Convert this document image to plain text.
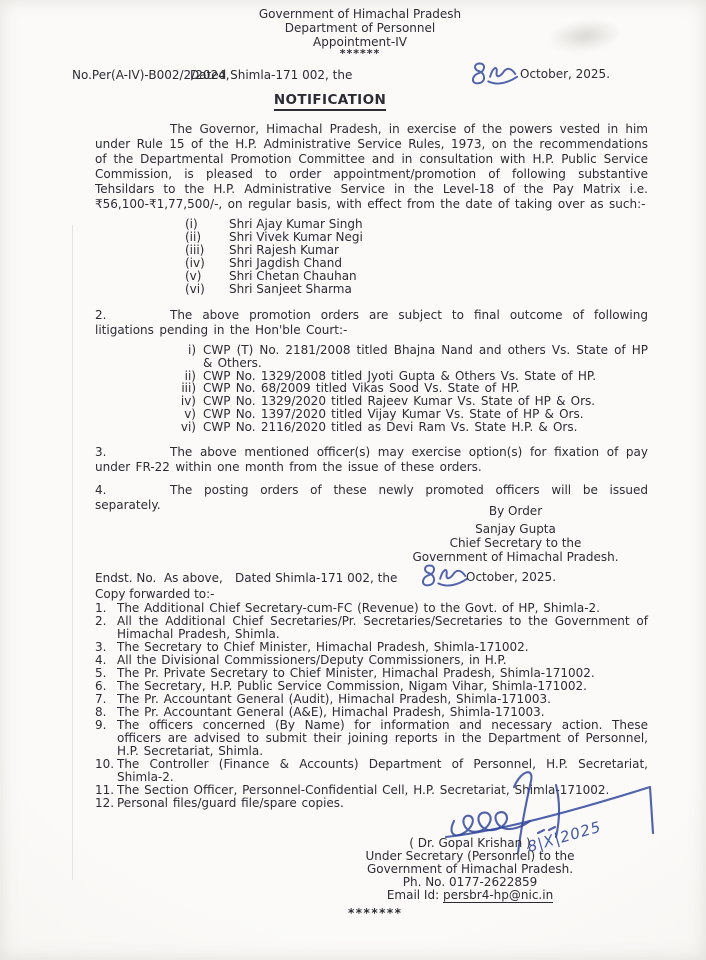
Government of Himachal Pradesh
Department of Personnel
Appointment-IV
******
No.Per(A-IV)-B002/2/2024,
Dated Shimla-171 002, the	October, 2025.
NOTIFICATION

The Governor, Himachal Pradesh, in exercise of the powers vested in him under Rule 15 of the H.P. Administrative Service Rules, 1973, on the recommendations of the Departmental Promotion Committee and in consultation with H.P. Public Service Commission, is pleased to order appointment/promotion of following substantive Tehsildars to the H.P. Administrative Service in the Level-18 of the Pay Matrix i.e. ₹56,100-₹1,77,500/-, on regular basis, with effect from the date of taking over as such:-

(i)	Shri Ajay Kumar Singh
(ii)	Shri Vivek Kumar Negi
(iii)	Shri Rajesh Kumar
(iv)	Shri Jagdish Chand
(v)	Shri Chetan Chauhan
(vi)	Shri Sanjeet Sharma

2.	The above promotion orders are subject to final outcome of following litigations pending in the Hon'ble Court:-

i) CWP (T) No. 2181/2008 titled Bhajna Nand and others Vs. State of HP & Others.
ii) CWP No. 1329/2008 titled Jyoti Gupta & Others Vs. State of HP.
iii) CWP No. 68/2009 titled Vikas Sood Vs. State of HP.
iv) CWP No. 1329/2020 titled Rajeev Kumar Vs. State of HP & Ors.
v) CWP No. 1397/2020 titled Vijay Kumar Vs. State of HP & Ors.
vi) CWP No. 2116/2020 titled as Devi Ram Vs. State H.P. & Ors.

3.	The above mentioned officer(s) may exercise option(s) for fixation of pay under FR-22 within one month from the issue of these orders.

4.	The posting orders of these newly promoted officers will be issued separately.	By Order
Sanjay Gupta
Chief Secretary to the
Government of Himachal Pradesh.
Endst. No.  As above, Dated Shimla-171 002, the	October, 2025.
Copy forwarded to:-
1. The Additional Chief Secretary-cum-FC (Revenue) to the Govt. of HP, Shimla-2.
2. All the Additional Chief Secretaries/Pr. Secretaries/Secretaries to the Government of Himachal Pradesh, Shimla.
3. The Secretary to Chief Minister, Himachal Pradesh, Shimla-171002.
4. All the Divisional Commissioners/Deputy Commissioners, in H.P.
5. The Pr. Private Secretary to Chief Minister, Himachal Pradesh, Shimla-171002.
6. The Secretary, H.P. Public Service Commission, Nigam Vihar, Shimla-171002.
7. The Pr. Accountant General (Audit), Himachal Pradesh, Shimla-171003.
8. The Pr. Accountant General (A&E), Himachal Pradesh, Shimla-171003.
9. The officers concerned (By Name) for information and necessary action. These officers are advised to submit their joining reports in the Department of Personnel, H.P. Secretariat, Shimla.
10. The Controller (Finance & Accounts) Department of Personnel, H.P. Secretariat, Shimla-2.
11. The Section Officer, Personnel-Confidential Cell, H.P. Secretariat, Shimla-171002.
12. Personal files/guard file/spare copies.
8|X|2025
( Dr. Gopal Krishan )
Under Secretary (Personnel) to the
Government of Himachal Pradesh.
Ph. No. 0177-2622859
Email Id: persbr4-hp@nic.in
*******
